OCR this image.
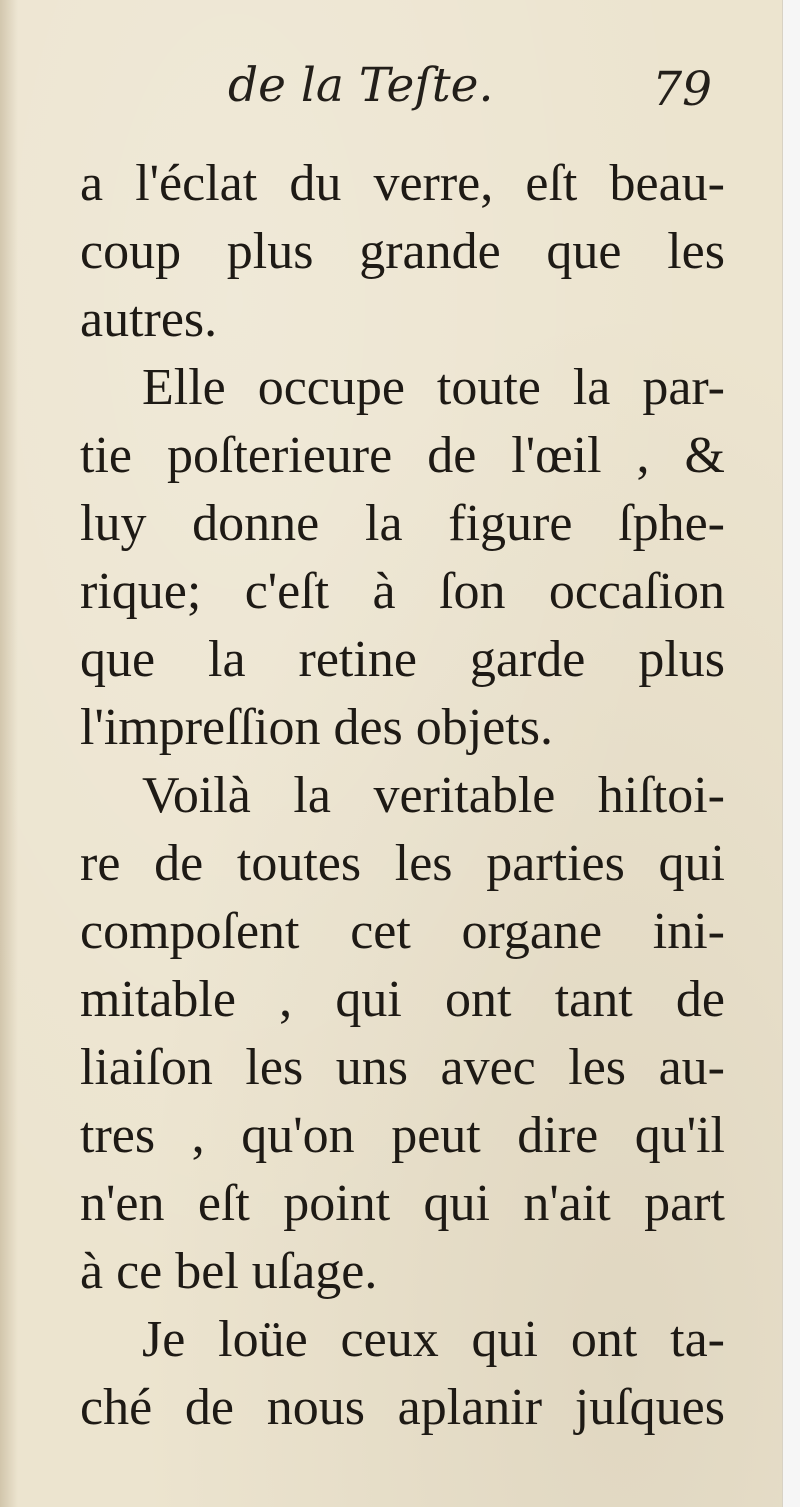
de la Teſte.	79
a l'éclat du verre, eſt beau-
coup plus grande que les
autres.
Elle occupe toute la par-
tie poſterieure de l'œil , &
luy donne la figure ſphe-
rique; c'eſt à ſon occaſion
que la retine garde plus
l'impreſſion des objets.
Voilà la veritable hiſtoi-
re de toutes les parties qui
compoſent cet organe ini-
mitable , qui ont tant de
liaiſon les uns avec les au-
tres , qu'on peut dire qu'il
n'en eſt point qui n'ait part
à ce bel uſage.
Je loüe ceux qui ont ta-
ché de nous aplanir juſques
